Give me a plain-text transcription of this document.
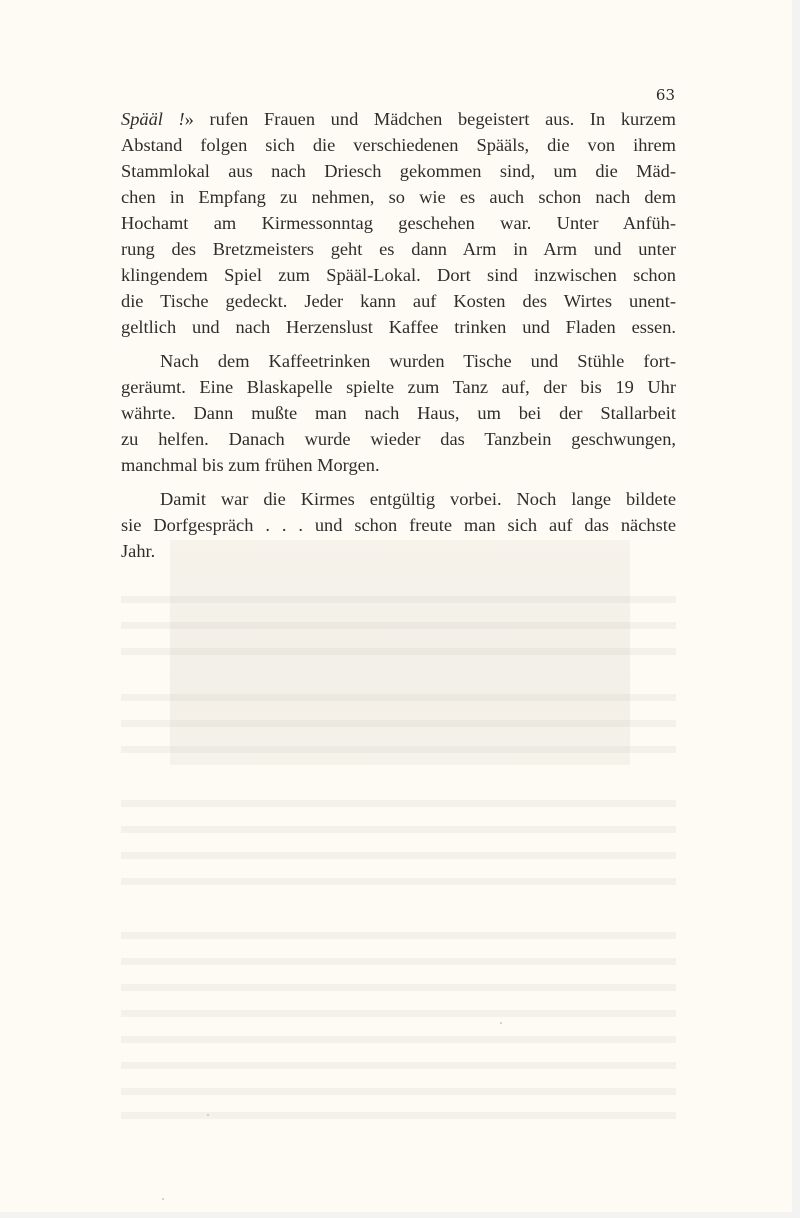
63

Spääl !» rufen Frauen und Mädchen begeistert aus. In kurzem
Abstand folgen sich die verschiedenen Spääls, die von ihrem
Stammlokal aus nach Driesch gekommen sind, um die Mäd-
chen in Empfang zu nehmen, so wie es auch schon nach dem
Hochamt am Kirmessonntag geschehen war. Unter Anfüh-
rung des Bretzmeisters geht es dann Arm in Arm und unter
klingendem Spiel zum Spääl-Lokal. Dort sind inzwischen schon
die Tische gedeckt. Jeder kann auf Kosten des Wirtes unent-
geltlich und nach Herzenslust Kaffee trinken und Fladen essen.

Nach dem Kaffeetrinken wurden Tische und Stühle fort-
geräumt. Eine Blaskapelle spielte zum Tanz auf, der bis 19 Uhr
währte. Dann mußte man nach Haus, um bei der Stallarbeit
zu helfen. Danach wurde wieder das Tanzbein geschwungen,
manchmal bis zum frühen Morgen.

Damit war die Kirmes entgültig vorbei. Noch lange bildete
sie Dorfgespräch . . . und schon freute man sich auf das nächste
Jahr.
